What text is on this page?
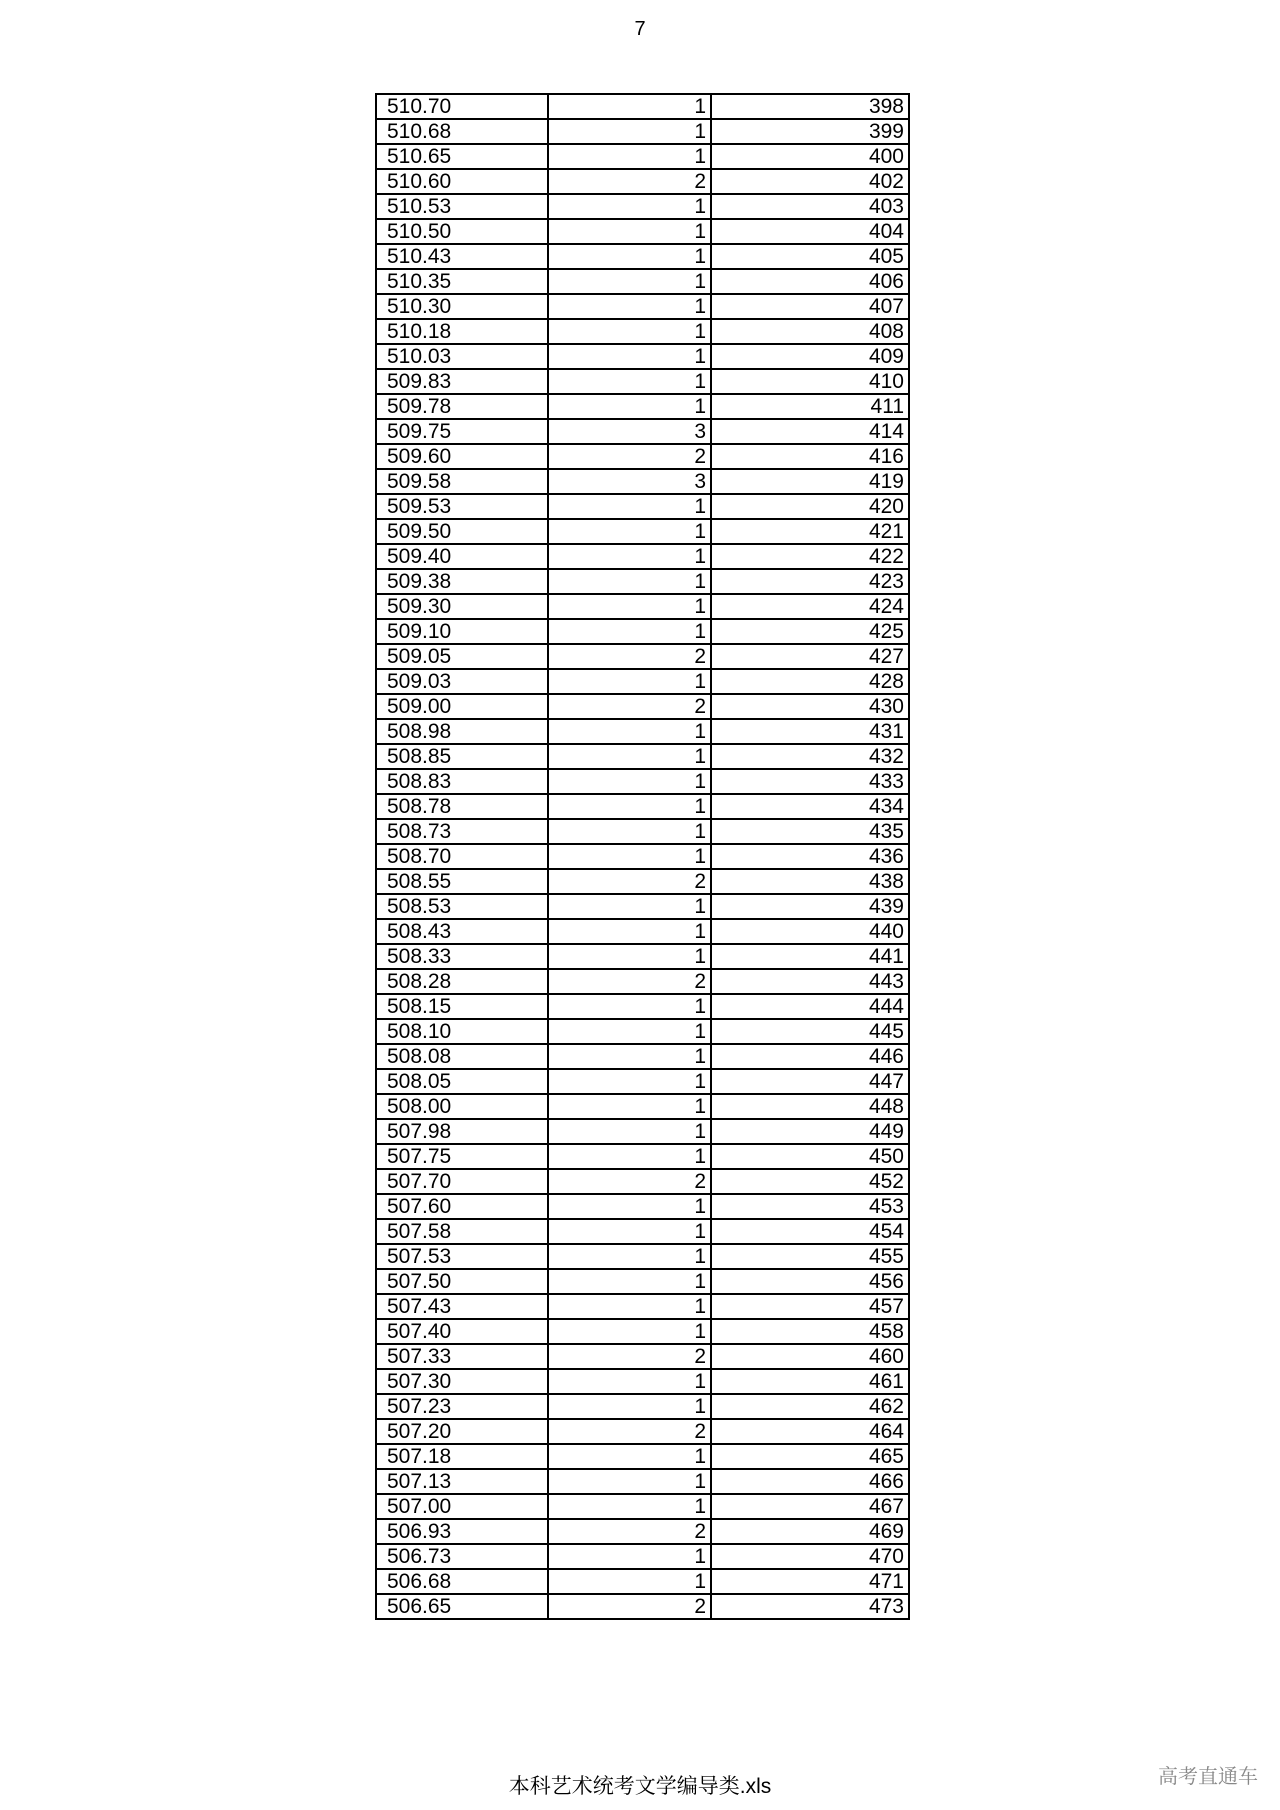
7
510.70	1	398
510.68	1	399
510.65	1	400
510.60	2	402
510.53	1	403
510.50	1	404
510.43	1	405
510.35	1	406
510.30	1	407
510.18	1	408
510.03	1	409
509.83	1	410
509.78	1	411
509.75	3	414
509.60	2	416
509.58	3	419
509.53	1	420
509.50	1	421
509.40	1	422
509.38	1	423
509.30	1	424
509.10	1	425
509.05	2	427
509.03	1	428
509.00	2	430
508.98	1	431
508.85	1	432
508.83	1	433
508.78	1	434
508.73	1	435
508.70	1	436
508.55	2	438
508.53	1	439
508.43	1	440
508.33	1	441
508.28	2	443
508.15	1	444
508.10	1	445
508.08	1	446
508.05	1	447
508.00	1	448
507.98	1	449
507.75	1	450
507.70	2	452
507.60	1	453
507.58	1	454
507.53	1	455
507.50	1	456
507.43	1	457
507.40	1	458
507.33	2	460
507.30	1	461
507.23	1	462
507.20	2	464
507.18	1	465
507.13	1	466
507.00	1	467
506.93	2	469
506.73	1	470
506.68	1	471
506.65	2	473
本科艺术统考文学编导类.xls	高考直通车
